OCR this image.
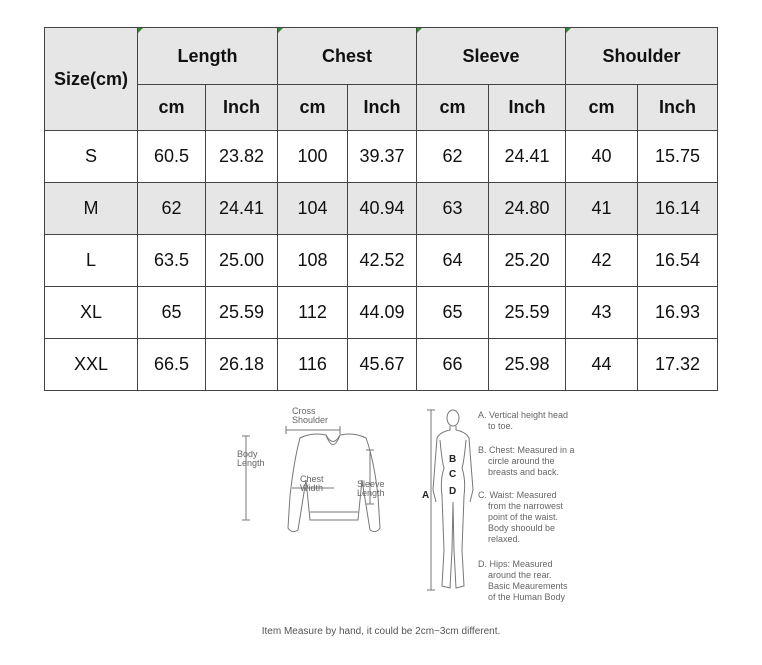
Size(cm)	Length		Chest		Sleeve		Shoulder	
	cm	Inch	cm	Inch	cm	Inch	cm	Inch
S	60.5	23.82	100	39.37	62	24.41	40	15.75
M	62	24.41	104	40.94	63	24.80	41	16.14
L	63.5	25.00	108	42.52	64	25.20	42	16.54
XL	65	25.59	112	44.09	65	25.59	43	16.93
XXL	66.5	26.18	116	45.67	66	25.98	44	17.32
Cross
Shoulder
Body
Length
Chest
Width	Sleeve
Length	A
B
C
D
A. Vertical height head
to toe.
B. Chest: Measured in a
circle around the
breasts and back.
C. Waist: Measured
from the narrowest
point of the waist.
Body shoould be
relaxed.
D. Hips: Measured
around the rear.
Basic Meaurements
of the Human Body
Item Measure by hand, it could be 2cm~3cm different.
